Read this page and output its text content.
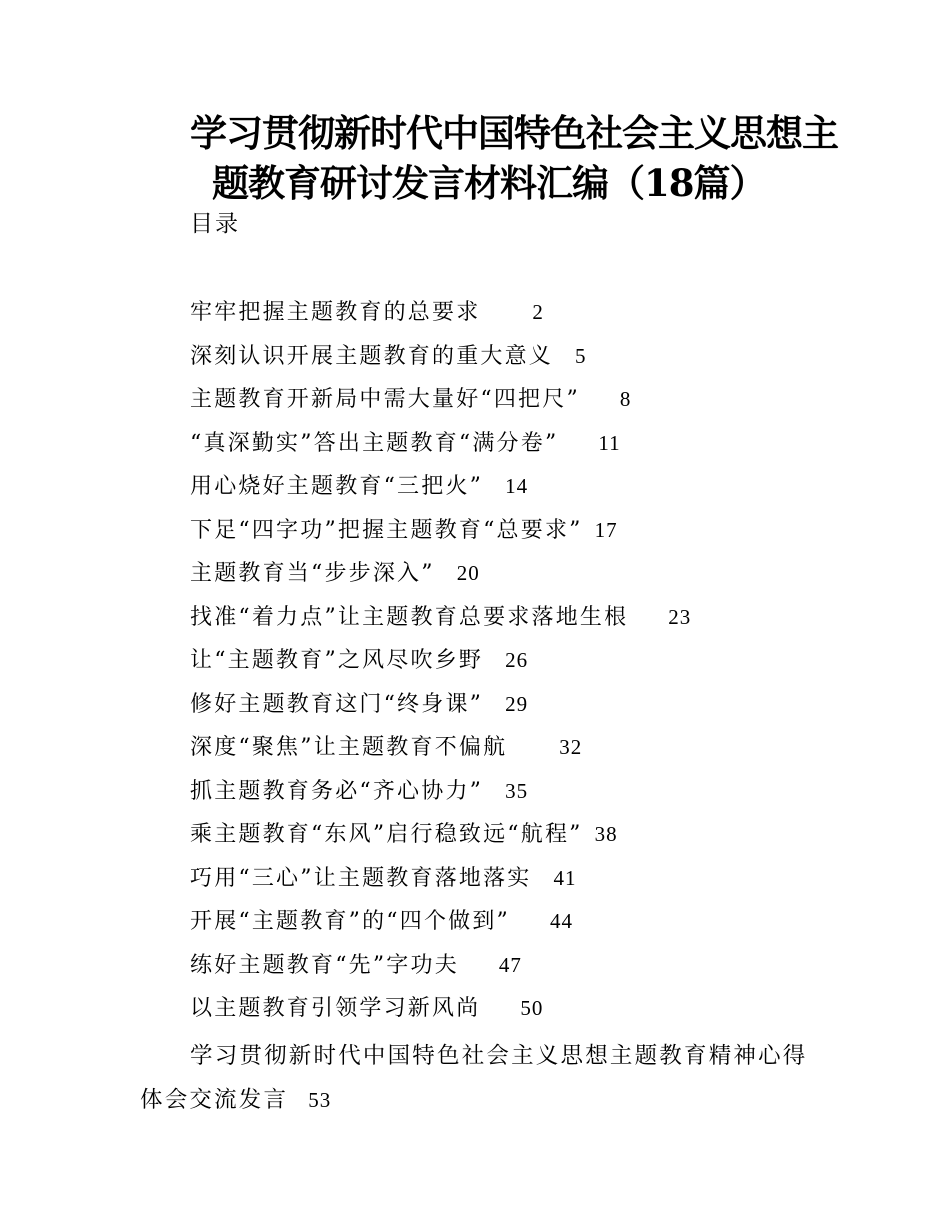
学习贯彻新时代中国特色社会主义思想主
题教育研讨发言材料汇编（18篇）
目录
牢牢把握主题教育的总要求 2
深刻认识开展主题教育的重大意义 5
主题教育开新局中需大量好“四把尺” 8
“真深勤实”答出主题教育“满分卷” 11
用心烧好主题教育“三把火” 14
下足“四字功”把握主题教育“总要求” 17
主题教育当“步步深入” 20
找准“着力点”让主题教育总要求落地生根 23
让“主题教育”之风尽吹乡野 26
修好主题教育这门“终身课” 29
深度“聚焦”让主题教育不偏航 32
抓主题教育务必“齐心协力” 35
乘主题教育“东风”启行稳致远“航程” 38
巧用“三心”让主题教育落地落实 41
开展“主题教育”的“四个做到” 44
练好主题教育“先”字功夫 47
以主题教育引领学习新风尚 50
学习贯彻新时代中国特色社会主义思想主题教育精神心得体会交流发言 53
